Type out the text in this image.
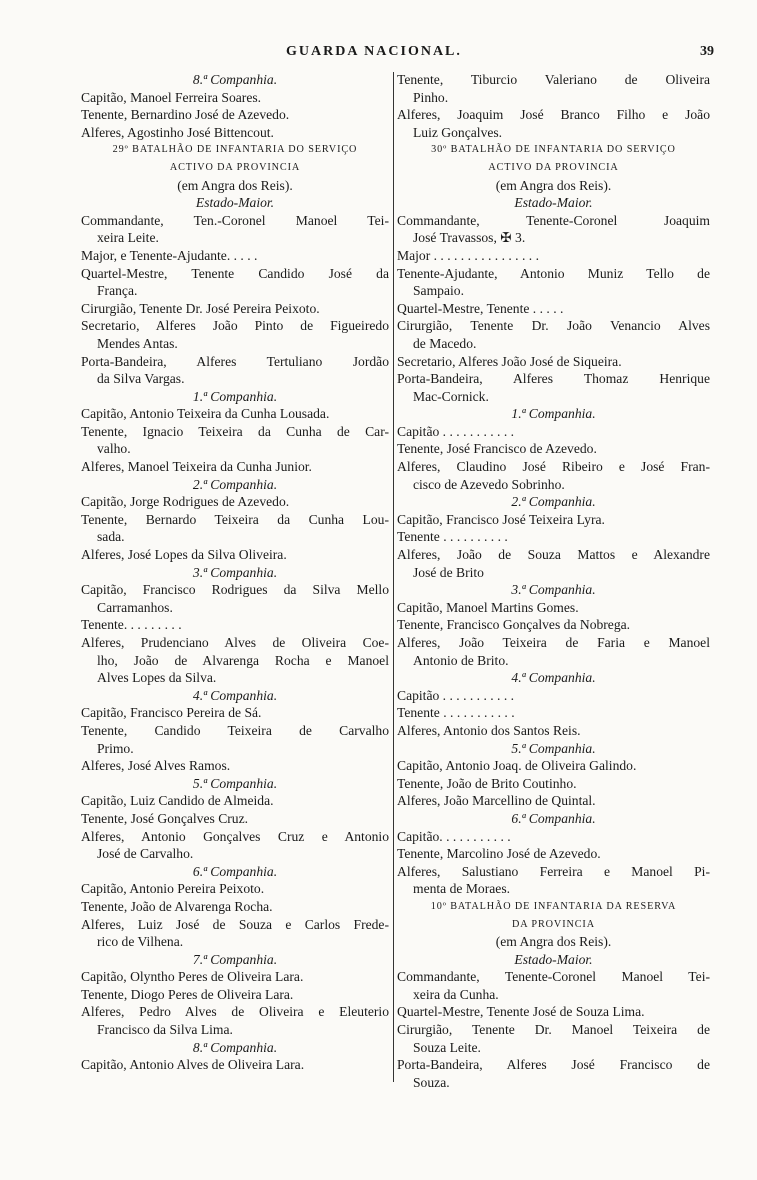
GUARDA NACIONAL.	39
8.ª Companhia.
Capitão, Manoel Ferreira Soares.
Tenente, Bernardino José de Azevedo.
Alferes, Agostinho José Bittencout.
29º BATALHÃO DE INFANTARIA DO SERVIÇO
ACTIVO DA PROVINCIA
(em Angra dos Reis).
Estado-Maior.
Commandante, Ten.-Coronel Manoel Tei-
xeira Leite.
Major, e Tenente-Ajudante. . . . .
Quartel-Mestre, Tenente Candido José da
França.
Cirurgião, Tenente Dr. José Pereira Peixoto.
Secretario, Alferes João Pinto de Figueiredo
Mendes Antas.
Porta-Bandeira, Alferes Tertuliano Jordão
da Silva Vargas.
1.ª Companhia.
Capitão, Antonio Teixeira da Cunha Lousada.
Tenente, Ignacio Teixeira da Cunha de Car-
valho.
Alferes, Manoel Teixeira da Cunha Junior.
2.ª Companhia.
Capitão, Jorge Rodrigues de Azevedo.
Tenente, Bernardo Teixeira da Cunha Lou-
sada.
Alferes, José Lopes da Silva Oliveira.
3.ª Companhia.
Capitão, Francisco Rodrigues da Silva Mello
Carramanhos.
Tenente. . . . . . . . .
Alferes, Prudenciano Alves de Oliveira Coe-
lho, João de Alvarenga Rocha e Manoel
Alves Lopes da Silva.
4.ª Companhia.
Capitão, Francisco Pereira de Sá.
Tenente, Candido Teixeira de Carvalho
Primo.
Alferes, José Alves Ramos.
5.ª Companhia.
Capitão, Luiz Candido de Almeida.
Tenente, José Gonçalves Cruz.
Alferes, Antonio Gonçalves Cruz e Antonio
José de Carvalho.
6.ª Companhia.
Capitão, Antonio Pereira Peixoto.
Tenente, João de Alvarenga Rocha.
Alferes, Luiz José de Souza e Carlos Frede-
rico de Vilhena.
7.ª Companhia.
Capitão, Olyntho Peres de Oliveira Lara.
Tenente, Diogo Peres de Oliveira Lara.
Alferes, Pedro Alves de Oliveira e Eleuterio
Francisco da Silva Lima.
8.ª Companhia.
Capitão, Antonio Alves de Oliveira Lara.
Tenente, Tiburcio Valeriano de Oliveira
Pinho.
Alferes, Joaquim José Branco Filho e João
Luiz Gonçalves.
30º BATALHÃO DE INFANTARIA DO SERVIÇO
ACTIVO DA PROVINCIA
(em Angra dos Reis).
Estado-Maior.
Commandante, Tenente-Coronel Joaquim
José Travassos, ✠ 3.
Major . . . . . . . . . . . . . . . .
Tenente-Ajudante, Antonio Muniz Tello de
Sampaio.
Quartel-Mestre, Tenente . . . . .
Cirurgião, Tenente Dr. João Venancio Alves
de Macedo.
Secretario, Alferes João José de Siqueira.
Porta-Bandeira, Alferes Thomaz Henrique
Mac-Cornick.
1.ª Companhia.
Capitão . . . . . . . . . . .
Tenente, José Francisco de Azevedo.
Alferes, Claudino José Ribeiro e José Fran-
cisco de Azevedo Sobrinho.
2.ª Companhia.
Capitão, Francisco José Teixeira Lyra.
Tenente . . . . . . . . . .
Alferes, João de Souza Mattos e Alexandre
José de Brito
3.ª Companhia.
Capitão, Manoel Martins Gomes.
Tenente, Francisco Gonçalves da Nobrega.
Alferes, João Teixeira de Faria e Manoel
Antonio de Brito.
4.ª Companhia.
Capitão . . . . . . . . . . .
Tenente . . . . . . . . . . .
Alferes, Antonio dos Santos Reis.
5.ª Companhia.
Capitão, Antonio Joaq. de Oliveira Galindo.
Tenente, João de Brito Coutinho.
Alferes, João Marcellino de Quintal.
6.ª Companhia.
Capitão. . . . . . . . . . .
Tenente, Marcolino José de Azevedo.
Alferes, Salustiano Ferreira e Manoel Pi-
menta de Moraes.
10º BATALHÃO DE INFANTARIA DA RESERVA
DA PROVINCIA
(em Angra dos Reis).
Estado-Maior.
Commandante, Tenente-Coronel Manoel Tei-
xeira da Cunha.
Quartel-Mestre, Tenente José de Souza Lima.
Cirurgião, Tenente Dr. Manoel Teixeira de
Souza Leite.
Porta-Bandeira, Alferes José Francisco de
Souza.
